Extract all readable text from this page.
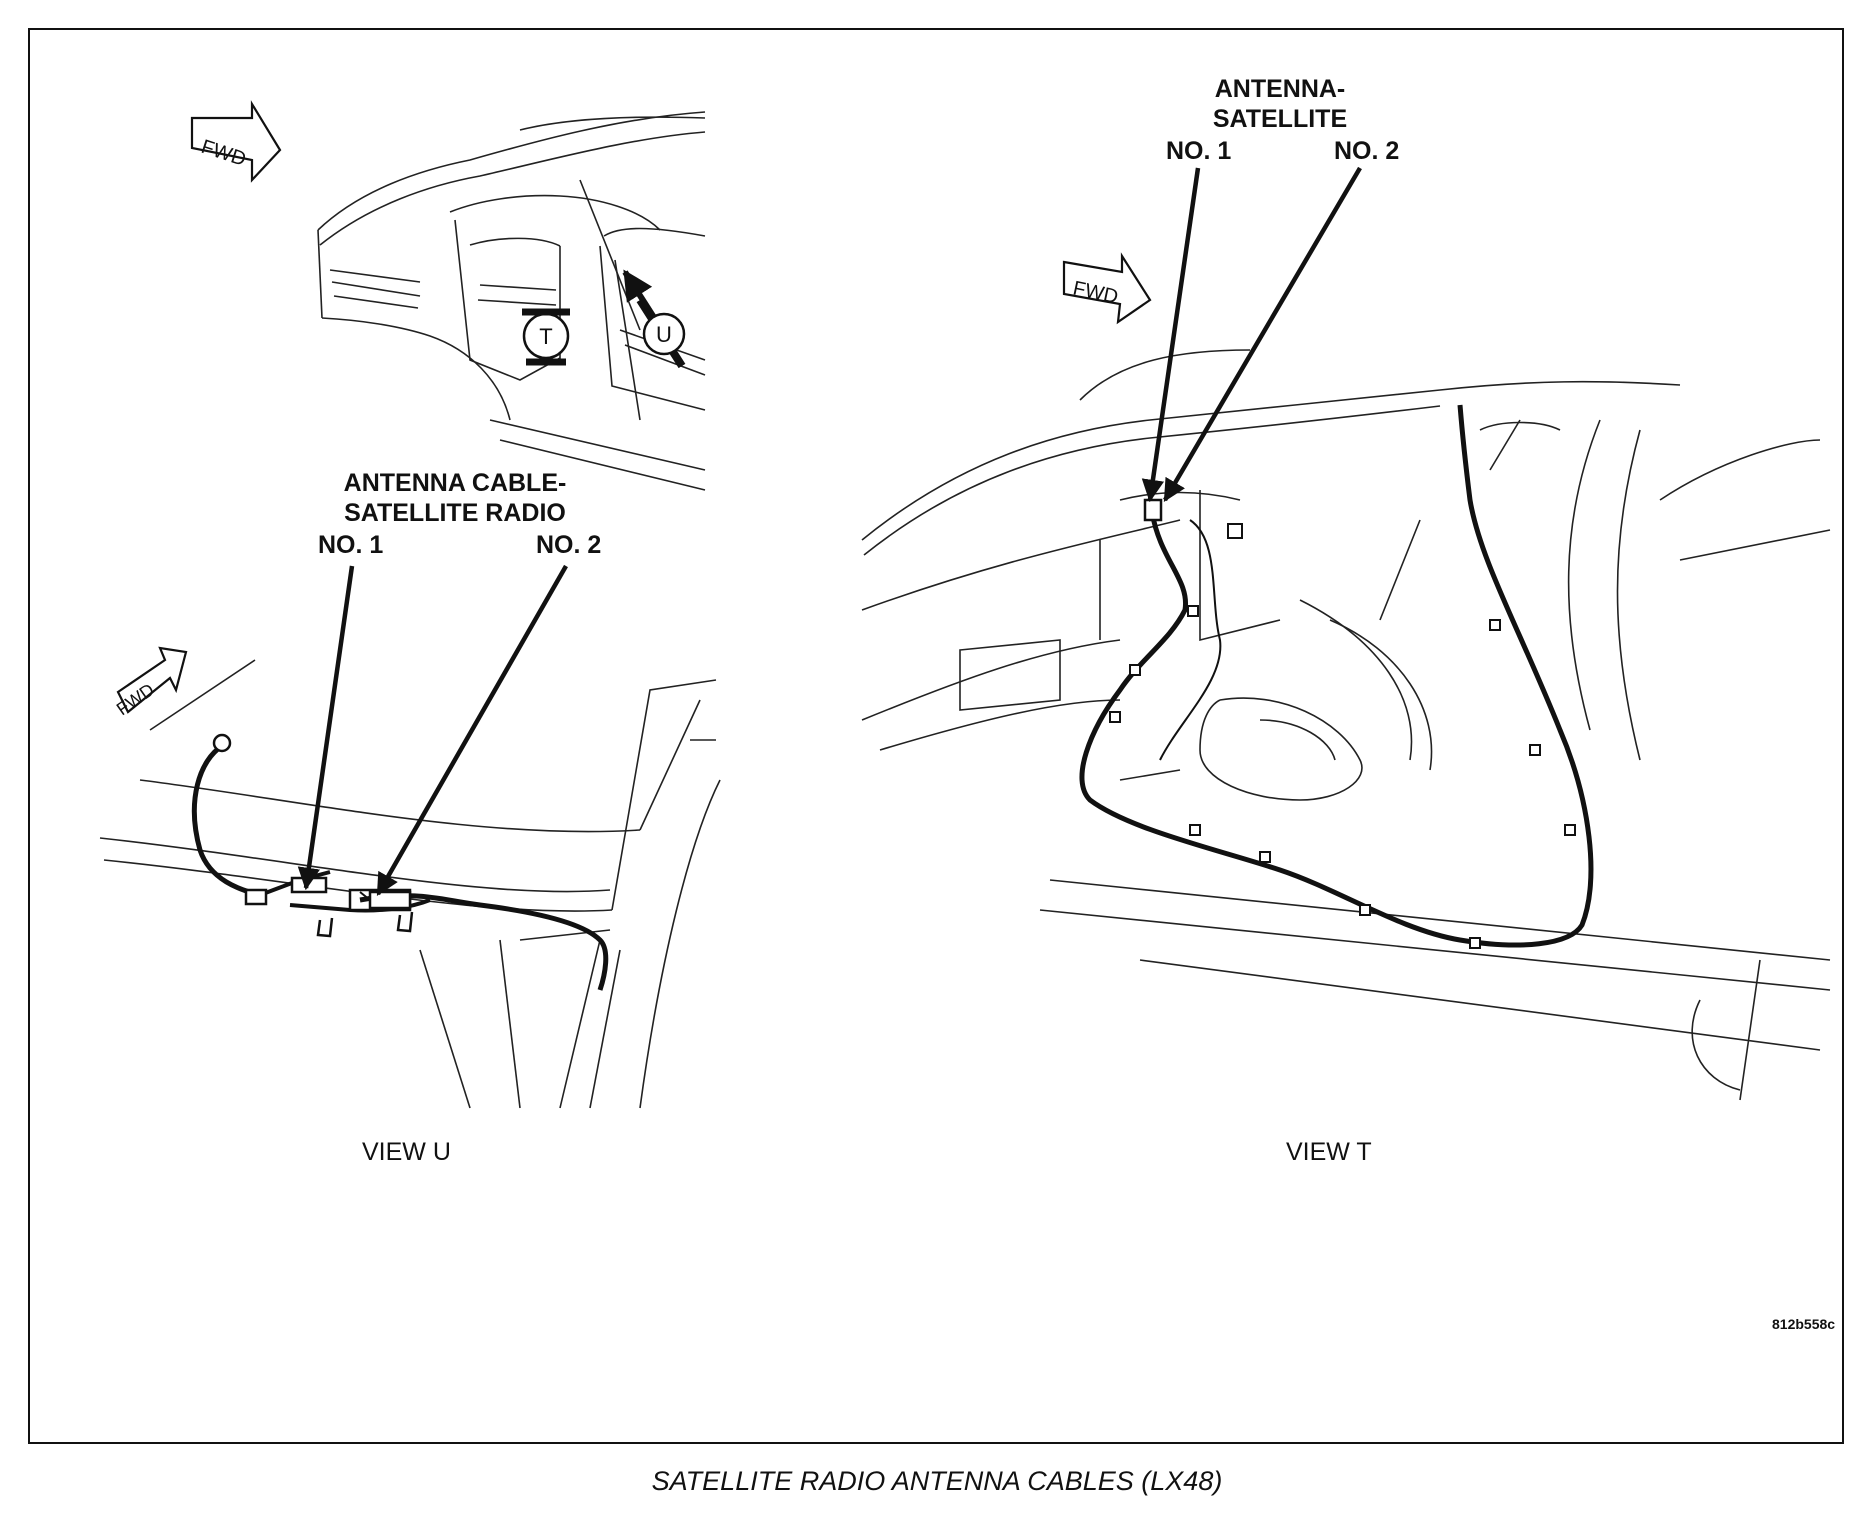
T	U
FWD
FWD
FWD
ANTENNA CABLE-
SATELLITE RADIO
NO. 1	NO. 2
ANTENNA-
SATELLITE
NO. 1	NO. 2
VIEW U	VIEW T
812b558c
SATELLITE RADIO ANTENNA CABLES (LX48)
